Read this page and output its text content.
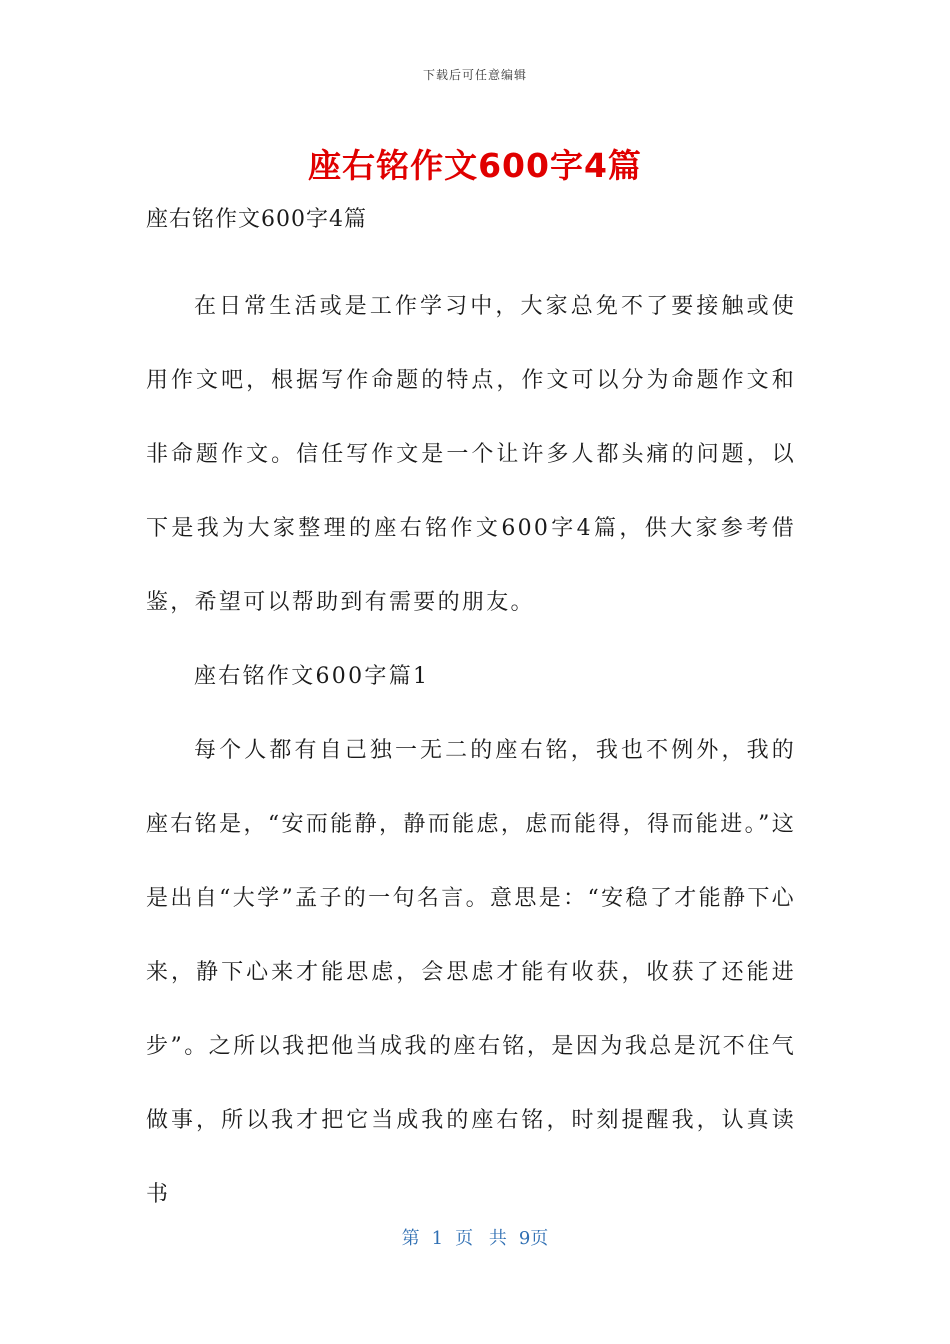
下载后可任意编辑
座右铭作文600字4篇

座右铭作文600字4篇

在日常生活或是工作学习中，大家总免不了要接触或使用作文吧，根据写作命题的特点，作文可以分为命题作文和非命题作文。信任写作文是一个让许多人都头痛的问题，以下是我为大家整理的座右铭作文600字4篇，供大家参考借鉴，希望可以帮助到有需要的朋友。

座右铭作文600字篇1

每个人都有自己独一无二的座右铭，我也不例外，我的座右铭是，“安而能静，静而能虑，虑而能得，得而能进。”这是出自“大学”孟子的一句名言。意思是：“安稳了才能静下心来，静下心来才能思虑，会思虑才能有收获，收获了还能进步”。之所以我把他当成我的座右铭，是因为我总是沉不住气做事，所以我才把它当成我的座右铭，时刻提醒我，认真读书

第 1 页 共 9页
